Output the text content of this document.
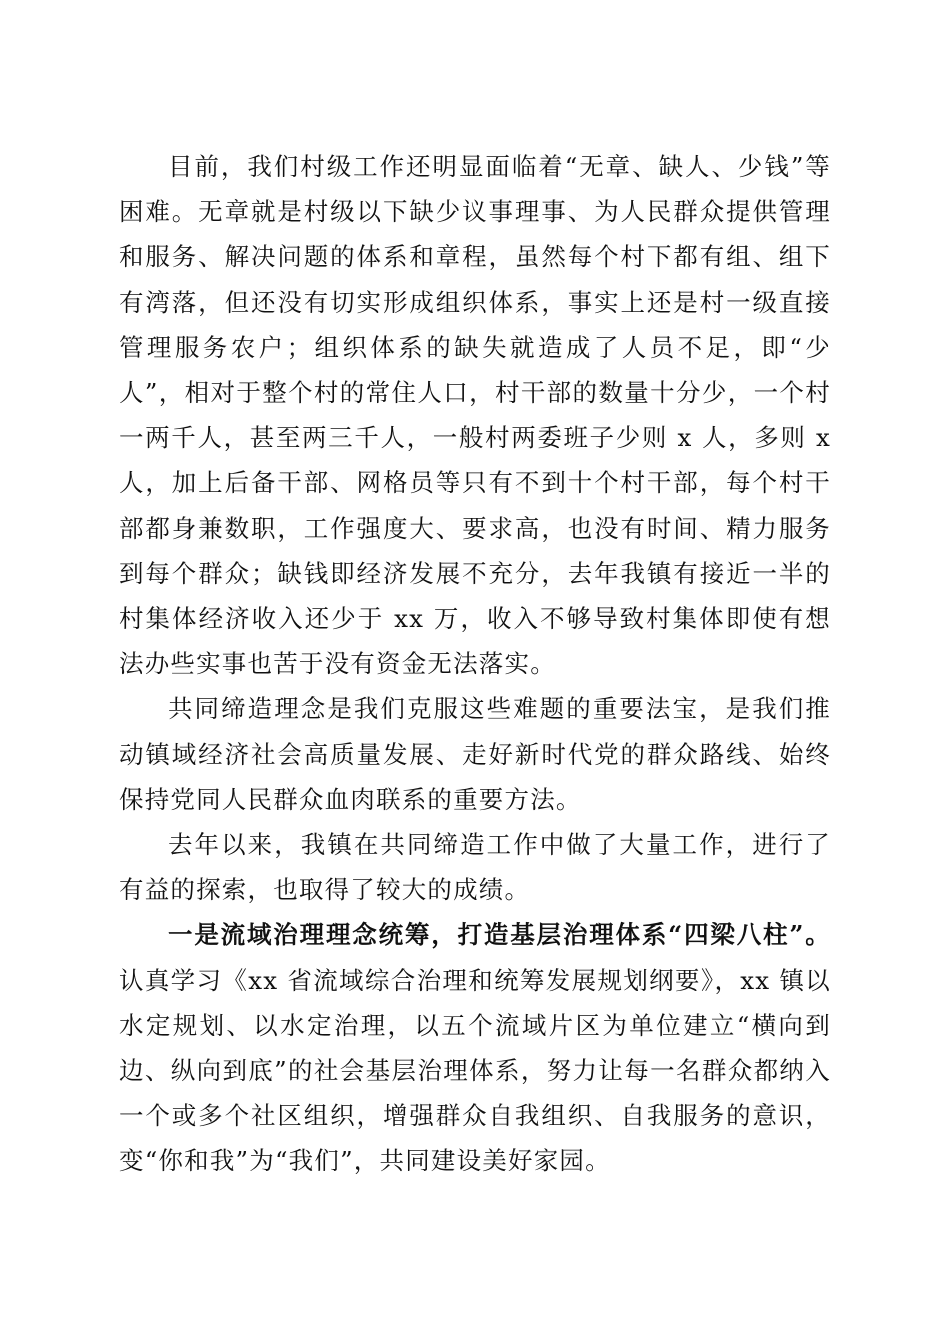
目前，我们村级工作还明显面临着“无章、缺人、少钱”等困难。无章就是村级以下缺少议事理事、为人民群众提供管理和服务、解决问题的体系和章程，虽然每个村下都有组、组下有湾落，但还没有切实形成组织体系，事实上还是村一级直接管理服务农户；组织体系的缺失就造成了人员不足，即“少人”，相对于整个村的常住人口，村干部的数量十分少，一个村一两千人，甚至两三千人，一般村两委班子少则 x 人，多则 x 人，加上后备干部、网格员等只有不到十个村干部，每个村干部都身兼数职，工作强度大、要求高，也没有时间、精力服务到每个群众；缺钱即经济发展不充分，去年我镇有接近一半的村集体经济收入还少于 xx 万，收入不够导致村集体即使有想法办些实事也苦于没有资金无法落实。

共同缔造理念是我们克服这些难题的重要法宝，是我们推动镇域经济社会高质量发展、走好新时代党的群众路线、始终保持党同人民群众血肉联系的重要方法。

去年以来，我镇在共同缔造工作中做了大量工作，进行了有益的探索，也取得了较大的成绩。

一是流域治理理念统筹，打造基层治理体系“四梁八柱”。认真学习《xx 省流域综合治理和统筹发展规划纲要》，xx 镇以水定规划、以水定治理，以五个流域片区为单位建立“横向到边、纵向到底”的社会基层治理体系，努力让每一名群众都纳入一个或多个社区组织，增强群众自我组织、自我服务的意识，变“你和我”为“我们”，共同建设美好家园。
